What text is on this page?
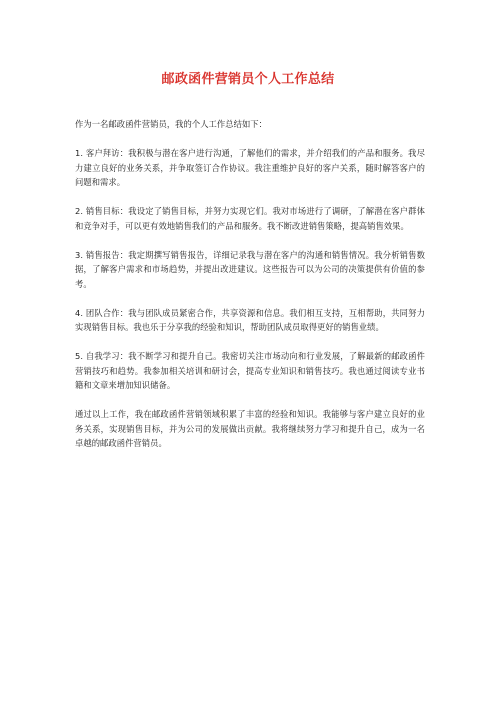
邮政函件营销员个人工作总结

作为一名邮政函件营销员，我的个人工作总结如下：

1. 客户拜访：我积极与潜在客户进行沟通，了解他们的需求，并介绍我们的产品和服务。我尽力建立良好的业务关系，并争取签订合作协议。我注重维护良好的客户关系，随时解答客户的问题和需求。

2. 销售目标：我设定了销售目标，并努力实现它们。我对市场进行了调研，了解潜在客户群体和竞争对手，可以更有效地销售我们的产品和服务。我不断改进销售策略，提高销售效果。

3. 销售报告：我定期撰写销售报告，详细记录我与潜在客户的沟通和销售情况。我分析销售数据，了解客户需求和市场趋势，并提出改进建议。这些报告可以为公司的决策提供有价值的参考。

4. 团队合作：我与团队成员紧密合作，共享资源和信息。我们相互支持，互相帮助，共同努力实现销售目标。我也乐于分享我的经验和知识，帮助团队成员取得更好的销售业绩。

5. 自我学习：我不断学习和提升自己。我密切关注市场动向和行业发展，了解最新的邮政函件营销技巧和趋势。我参加相关培训和研讨会，提高专业知识和销售技巧。我也通过阅读专业书籍和文章来增加知识储备。

通过以上工作，我在邮政函件营销领域积累了丰富的经验和知识。我能够与客户建立良好的业务关系，实现销售目标，并为公司的发展做出贡献。我将继续努力学习和提升自己，成为一名卓越的邮政函件营销员。
